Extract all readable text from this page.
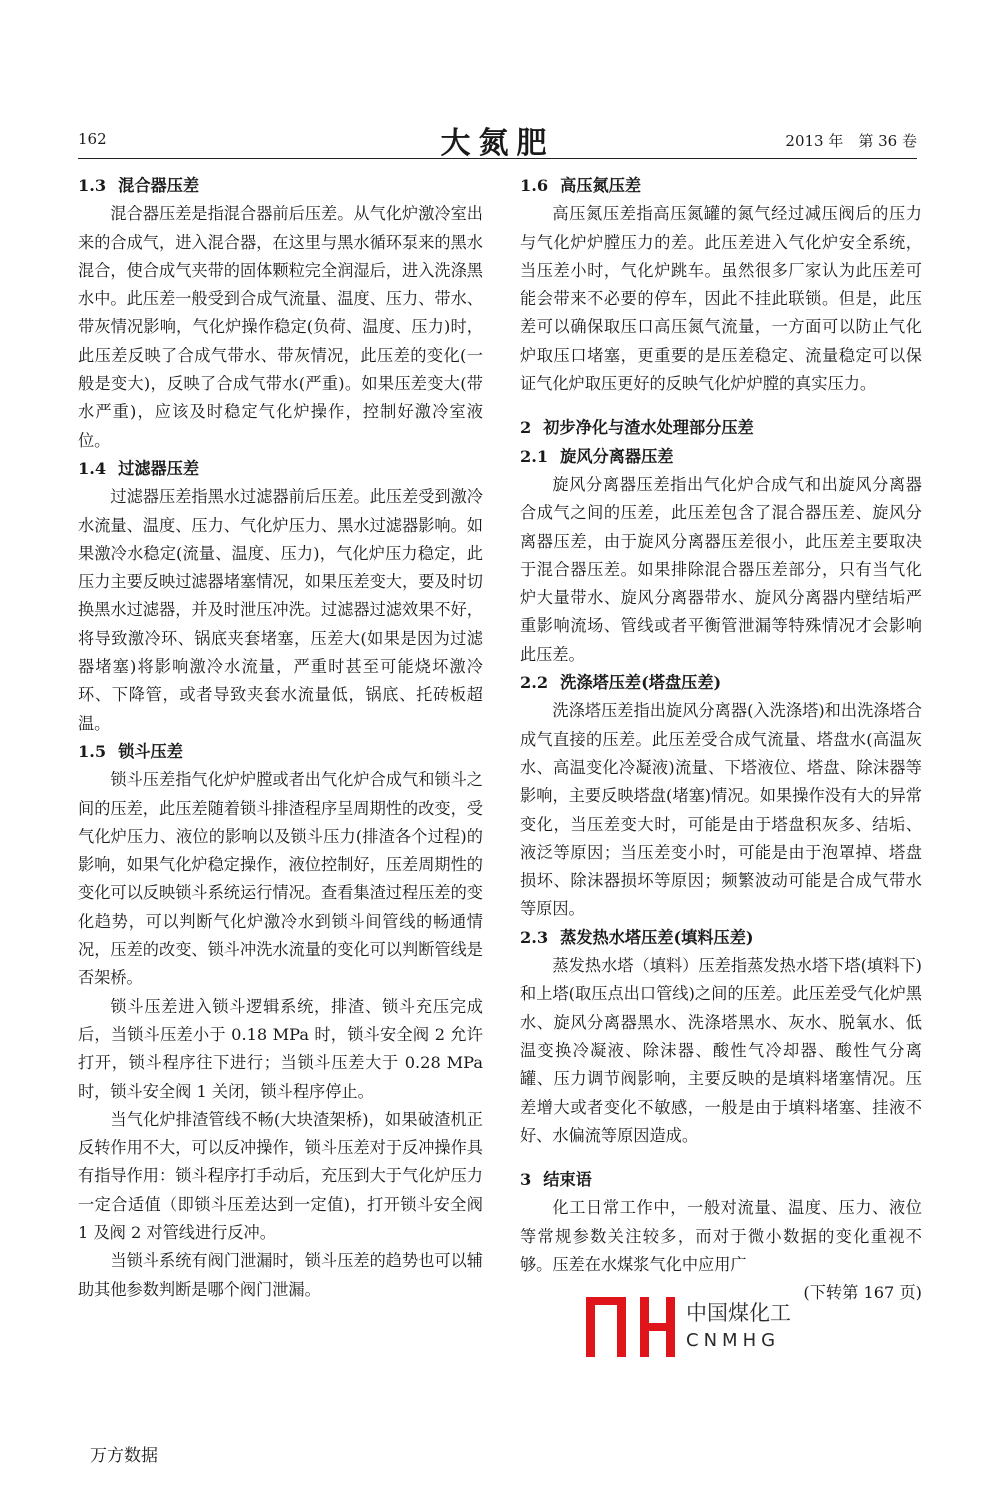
162	大氮肥	2013 年　第 36 卷
1.3 混合器压差

混合器压差是指混合器前后压差。从气化炉激冷室出来的合成气，进入混合器，在这里与黑水循环泵来的黑水混合，使合成气夹带的固体颗粒完全润湿后，进入洗涤黑水中。此压差一般受到合成气流量、温度、压力、带水、带灰情况影响，气化炉操作稳定(负荷、温度、压力)时，此压差反映了合成气带水、带灰情况，此压差的变化(一般是变大)，反映了合成气带水(严重)。如果压差变大(带水严重)，应该及时稳定气化炉操作，控制好激冷室液位。

1.4 过滤器压差

过滤器压差指黑水过滤器前后压差。此压差受到激冷水流量、温度、压力、气化炉压力、黑水过滤器影响。如果激冷水稳定(流量、温度、压力)，气化炉压力稳定，此压力主要反映过滤器堵塞情况，如果压差变大，要及时切换黑水过滤器，并及时泄压冲洗。过滤器过滤效果不好，将导致激冷环、锅底夹套堵塞，压差大(如果是因为过滤器堵塞)将影响激冷水流量，严重时甚至可能烧坏激冷环、下降管，或者导致夹套水流量低，锅底、托砖板超温。

1.5 锁斗压差

锁斗压差指气化炉炉膛或者出气化炉合成气和锁斗之间的压差，此压差随着锁斗排渣程序呈周期性的改变，受气化炉压力、液位的影响以及锁斗压力(排渣各个过程)的影响，如果气化炉稳定操作，液位控制好，压差周期性的变化可以反映锁斗系统运行情况。查看集渣过程压差的变化趋势，可以判断气化炉激冷水到锁斗间管线的畅通情况，压差的改变、锁斗冲洗水流量的变化可以判断管线是否架桥。

锁斗压差进入锁斗逻辑系统，排渣、锁斗充压完成后，当锁斗压差小于 0.18 MPa 时，锁斗安全阀 2 允许打开，锁斗程序往下进行；当锁斗压差大于 0.28 MPa 时，锁斗安全阀 1 关闭，锁斗程序停止。

当气化炉排渣管线不畅(大块渣架桥)，如果破渣机正反转作用不大，可以反冲操作，锁斗压差对于反冲操作具有指导作用：锁斗程序打手动后，充压到大于气化炉压力一定合适值（即锁斗压差达到一定值)，打开锁斗安全阀 1 及阀 2 对管线进行反冲。

当锁斗系统有阀门泄漏时，锁斗压差的趋势也可以辅助其他参数判断是哪个阀门泄漏。

1.6 高压氮压差

高压氮压差指高压氮罐的氮气经过减压阀后的压力与气化炉炉膛压力的差。此压差进入气化炉安全系统，当压差小时，气化炉跳车。虽然很多厂家认为此压差可能会带来不必要的停车，因此不挂此联锁。但是，此压差可以确保取压口高压氮气流量，一方面可以防止气化炉取压口堵塞，更重要的是压差稳定、流量稳定可以保证气化炉取压更好的反映气化炉炉膛的真实压力。

2 初步净化与渣水处理部分压差
2.1 旋风分离器压差

旋风分离器压差指出气化炉合成气和出旋风分离器合成气之间的压差，此压差包含了混合器压差、旋风分离器压差，由于旋风分离器压差很小，此压差主要取决于混合器压差。如果排除混合器压差部分，只有当气化炉大量带水、旋风分离器带水、旋风分离器内壁结垢严重影响流场、管线或者平衡管泄漏等特殊情况才会影响此压差。

2.2 洗涤塔压差(塔盘压差)

洗涤塔压差指出旋风分离器(入洗涤塔)和出洗涤塔合成气直接的压差。此压差受合成气流量、塔盘水(高温灰水、高温变化冷凝液)流量、下塔液位、塔盘、除沫器等影响，主要反映塔盘(堵塞)情况。如果操作没有大的异常变化，当压差变大时，可能是由于塔盘积灰多、结垢、液泛等原因；当压差变小时，可能是由于泡罩掉、塔盘损坏、除沫器损坏等原因；频繁波动可能是合成气带水等原因。

2.3 蒸发热水塔压差(填料压差)

蒸发热水塔（填料）压差指蒸发热水塔下塔(填料下)和上塔(取压点出口管线)之间的压差。此压差受气化炉黑水、旋风分离器黑水、洗涤塔黑水、灰水、脱氧水、低温变换冷凝液、除沫器、酸性气冷却器、酸性气分离罐、压力调节阀影响，主要反映的是填料堵塞情况。压差增大或者变化不敏感，一般是由于填料堵塞、挂液不好、水偏流等原因造成。

3 结束语

化工日常工作中，一般对流量、温度、压力、液位等常规参数关注较多，而对于微小数据的变化重视不够。压差在水煤浆气化中应用广

(下转第 167 页)
中国煤化工
CNMHG
万方数据
